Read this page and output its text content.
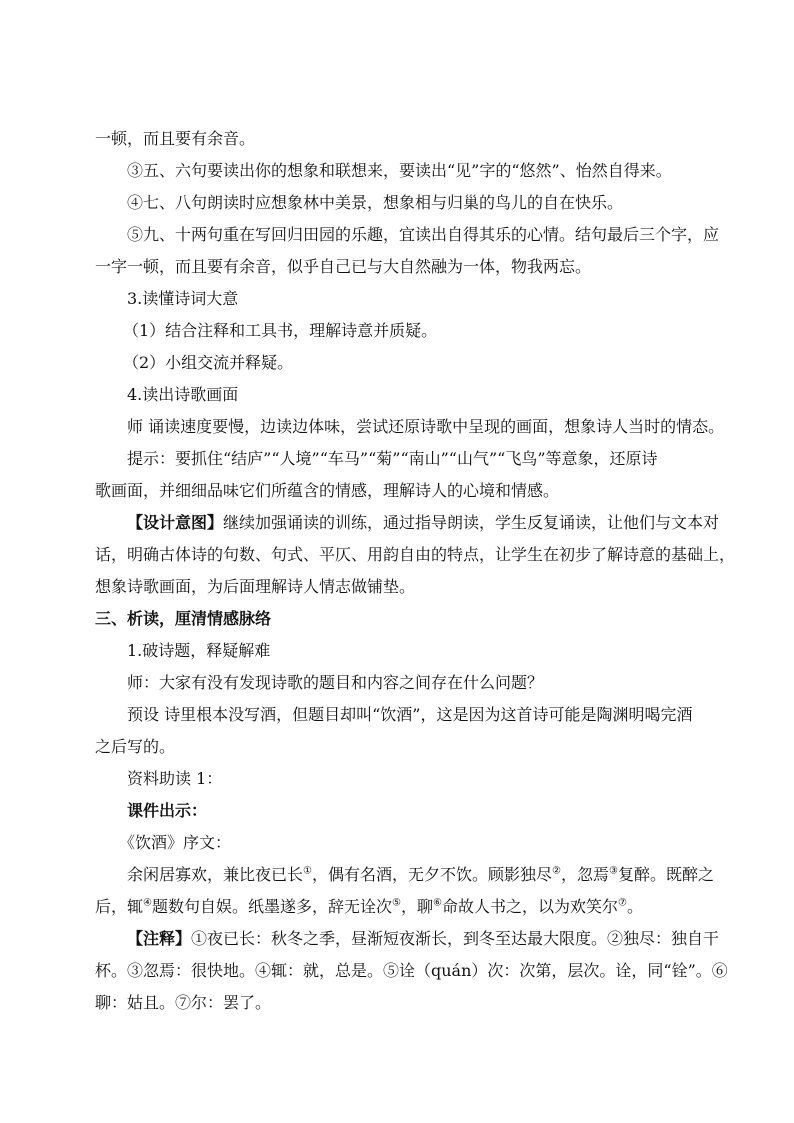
一顿，而且要有余音。
③五、六句要读出你的想象和联想来，要读出“见”字的“悠然”、怡然自得来。
④七、八句朗读时应想象林中美景，想象相与归巢的鸟儿的自在快乐。
⑤九、十两句重在写回归田园的乐趣，宜读出自得其乐的心情。结句最后三个字，应
一字一顿，而且要有余音，似乎自己已与大自然融为一体，物我两忘。
3.读懂诗词大意
（1）结合注释和工具书，理解诗意并质疑。
（2）小组交流并释疑。
4.读出诗歌画面
师 诵读速度要慢，边读边体味，尝试还原诗歌中呈现的画面，想象诗人当时的情态。
提示：要抓住“结庐”“人境”“车马”“菊”“南山”“山气”“飞鸟”等意象，还原诗
歌画面，并细细品味它们所蕴含的情感，理解诗人的心境和情感。
【设计意图】继续加强诵读的训练，通过指导朗读，学生反复诵读，让他们与文本对
话，明确古体诗的句数、句式、平仄、用韵自由的特点，让学生在初步了解诗意的基础上，
想象诗歌画面，为后面理解诗人情志做铺垫。
三、析读，厘清情感脉络
1.破诗题，释疑解难
师：大家有没有发现诗歌的题目和内容之间存在什么问题？
预设 诗里根本没写酒，但题目却叫“饮酒”，这是因为这首诗可能是陶渊明喝完酒
之后写的。
资料助读 1：
课件出示：
《饮酒》序文：
余闲居寡欢，兼比夜已长①，偶有名酒，无夕不饮。顾影独尽②，忽焉③复醉。既醉之
后，辄④题数句自娱。纸墨遂多，辞无诠次⑤，聊⑥命故人书之，以为欢笑尔⑦。
【注释】①夜已长：秋冬之季，昼渐短夜渐长，到冬至达最大限度。②独尽：独自干
杯。③忽焉：很快地。④辄：就，总是。⑤诠（quán）次：次第，层次。诠，同“铨”。⑥
聊：姑且。⑦尔：罢了。
